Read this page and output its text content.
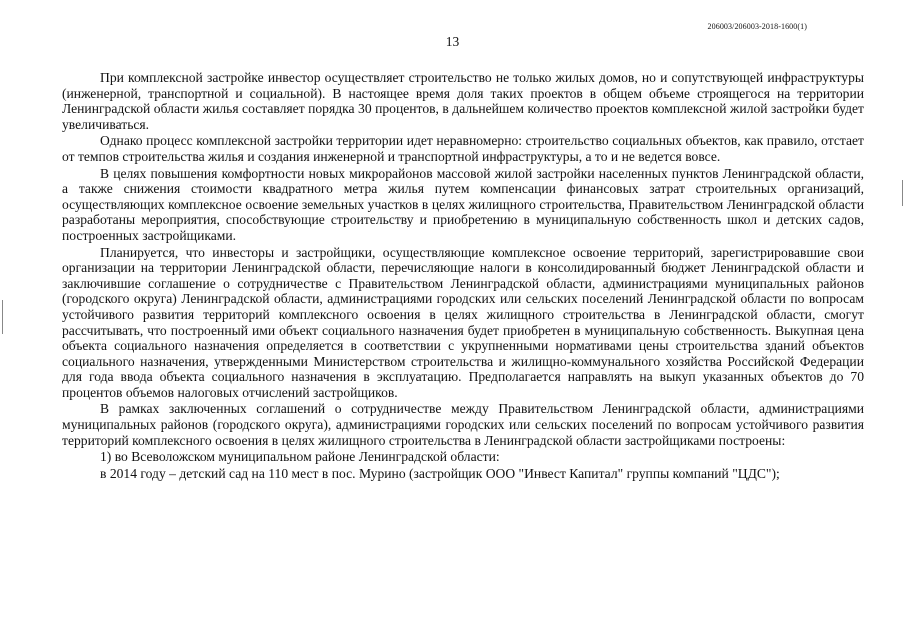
206003/206003-2018-1600(1)
13

При комплексной застройке инвестор осуществляет строительство не только жилых домов, но и сопутствующей инфраструктуры (инженерной, транспортной и социальной). В настоящее время доля таких проектов в общем объеме строящегося на территории Ленинградской области жилья составляет порядка 30 процентов, в дальнейшем количество проектов комплексной жилой застройки будет увеличиваться.

Однако процесс комплексной застройки территории идет неравномерно: строительство социальных объектов, как правило, отстает от темпов строительства жилья и создания инженерной и транспортной инфраструктуры, а то и не ведется вовсе.

В целях повышения комфортности новых микрорайонов массовой жилой застройки населенных пунктов Ленинградской области, а также снижения стоимости квадратного метра жилья путем компенсации финансовых затрат строительных организаций, осуществляющих комплексное освоение земельных участков в целях жилищного строительства, Правительством Ленинградской области разработаны мероприятия, способствующие строительству и приобретению в муниципальную собственность школ и детских садов, построенных застройщиками.

Планируется, что инвесторы и застройщики, осуществляющие комплексное освоение территорий, зарегистрировавшие свои организации на территории Ленинградской области, перечисляющие налоги в консолидированный бюджет Ленинградской области и заключившие соглашение о сотрудничестве с Правительством Ленинградской области, администрациями муниципальных районов (городского округа) Ленинградской области, администрациями городских или сельских поселений Ленинградской области по вопросам устойчивого развития территорий комплексного освоения в целях жилищного строительства в Ленинградской области, смогут рассчитывать, что построенный ими объект социального назначения будет приобретен в муниципальную собственность. Выкупная цена объекта социального назначения определяется в соответствии с укрупненными нормативами цены строительства зданий объектов социального назначения, утвержденными Министерством строительства и жилищно-коммунального хозяйства Российской Федерации для года ввода объекта социального назначения в эксплуатацию. Предполагается направлять на выкуп указанных объектов до 70 процентов объемов налоговых отчислений застройщиков.

В рамках заключенных соглашений о сотрудничестве между Правительством Ленинградской области, администрациями муниципальных районов (городского округа), администрациями городских или сельских поселений по вопросам устойчивого развития территорий комплексного освоения в целях жилищного строительства в Ленинградской области застройщиками построены:

1) во Всеволожском муниципальном районе Ленинградской области:

в 2014 году – детский сад на 110 мест в пос. Мурино (застройщик ООО "Инвест Капитал" группы компаний "ЦДС");
